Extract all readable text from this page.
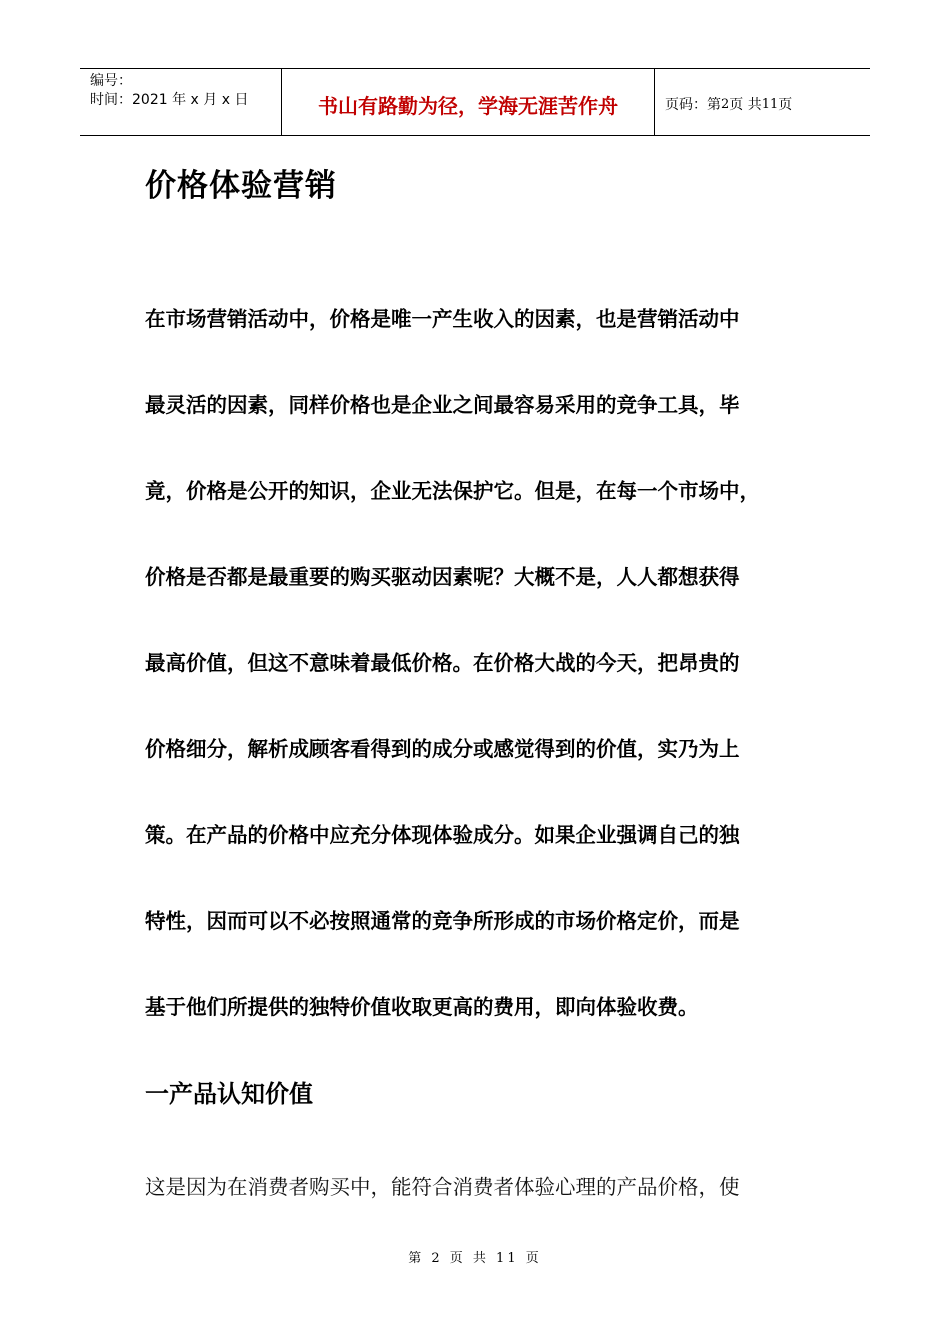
编号：
时间：2021 年 x 月 x 日	书山有路勤为径，学海无涯苦作舟	页码：第 2 页 共 11 页
价格体验营销
在市场营销活动中，价格是唯一产生收入的因素，也是营销活动中
最灵活的因素，同样价格也是企业之间最容易采用的竞争工具，毕
竟，价格是公开的知识，企业无法保护它。但是，在每一个市场中，
价格是否都是最重要的购买驱动因素呢？大概不是，人人都想获得
最高价值，但这不意味着最低价格。在价格大战的今天，把昂贵的
价格细分，解析成顾客看得到的成分或感觉得到的价值，实乃为上
策。在产品的价格中应充分体现体验成分。如果企业强调自己的独
特性，因而可以不必按照通常的竞争所形成的市场价格定价，而是
基于他们所提供的独特价值收取更高的费用，即向体验收费。
一产品认知价值
这是因为在消费者购买中，能符合消费者体验心理的产品价格，使
第 2 页 共 11 页
